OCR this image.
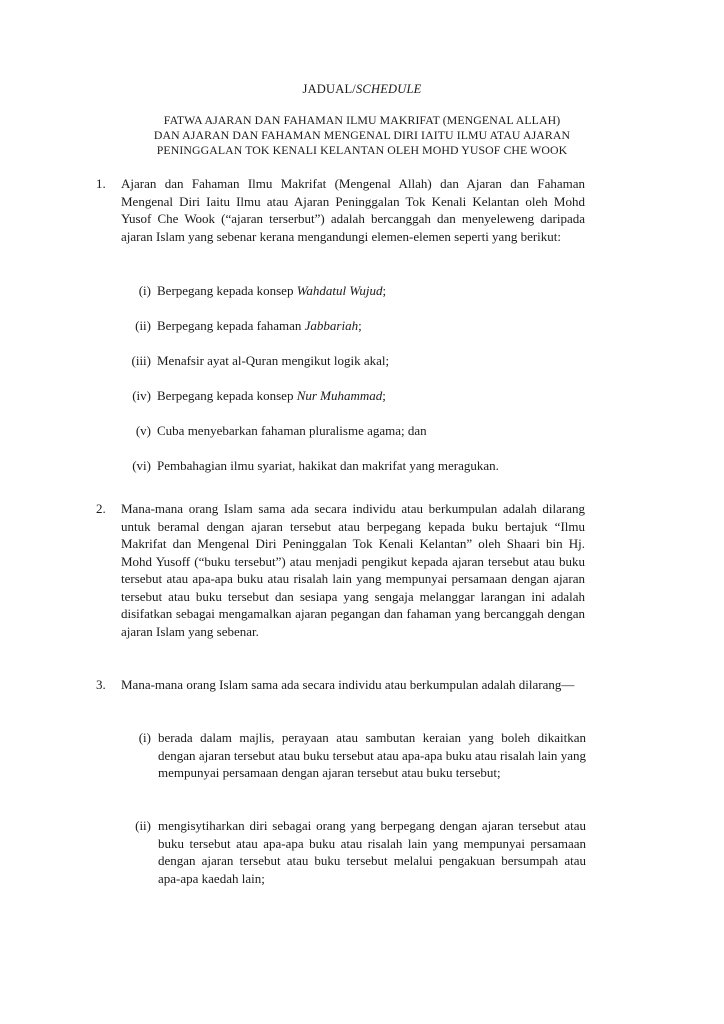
JADUAL/SCHEDULE
FATWA AJARAN DAN FAHAMAN ILMU MAKRIFAT (MENGENAL ALLAH)
DAN AJARAN DAN FAHAMAN MENGENAL DIRI IAITU ILMU ATAU AJARAN
PENINGGALAN TOK KENALI KELANTAN OLEH MOHD YUSOF CHE WOOK
1. Ajaran dan Fahaman Ilmu Makrifat (Mengenal Allah) dan Ajaran dan Fahaman Mengenal Diri Iaitu Ilmu atau Ajaran Peninggalan Tok Kenali Kelantan oleh Mohd Yusof Che Wook (“ajaran terserbut”) adalah bercanggah dan menyeleweng daripada ajaran Islam yang sebenar kerana mengandungi elemen-elemen seperti yang berikut:
(i) Berpegang kepada konsep Wahdatul Wujud;
(ii) Berpegang kepada fahaman Jabbariah;
(iii) Menafsir ayat al-Quran mengikut logik akal;
(iv) Berpegang kepada konsep Nur Muhammad;
(v) Cuba menyebarkan fahaman pluralisme agama; dan
(vi) Pembahagian ilmu syariat, hakikat dan makrifat yang meragukan.
2. Mana-mana orang Islam sama ada secara individu atau berkumpulan adalah dilarang untuk beramal dengan ajaran tersebut atau berpegang kepada buku bertajuk “Ilmu Makrifat dan Mengenal Diri Peninggalan Tok Kenali Kelantan” oleh Shaari bin Hj. Mohd Yusoff (“buku tersebut”) atau menjadi pengikut kepada ajaran tersebut atau buku tersebut atau apa-apa buku atau risalah lain yang mempunyai persamaan dengan ajaran tersebut atau buku tersebut dan sesiapa yang sengaja melanggar larangan ini adalah disifatkan sebagai mengamalkan ajaran pegangan dan fahaman yang bercanggah dengan ajaran Islam yang sebenar.
3. Mana-mana orang Islam sama ada secara individu atau berkumpulan adalah dilarang—
(i) berada dalam majlis, perayaan atau sambutan keraian yang boleh dikaitkan dengan ajaran tersebut atau buku tersebut atau apa-apa buku atau risalah lain yang mempunyai persamaan dengan ajaran tersebut atau buku tersebut;
(ii) mengisytiharkan diri sebagai orang yang berpegang dengan ajaran tersebut atau buku tersebut atau apa-apa buku atau risalah lain yang mempunyai persamaan dengan ajaran tersebut atau buku tersebut melalui pengakuan bersumpah atau apa-apa kaedah lain;
